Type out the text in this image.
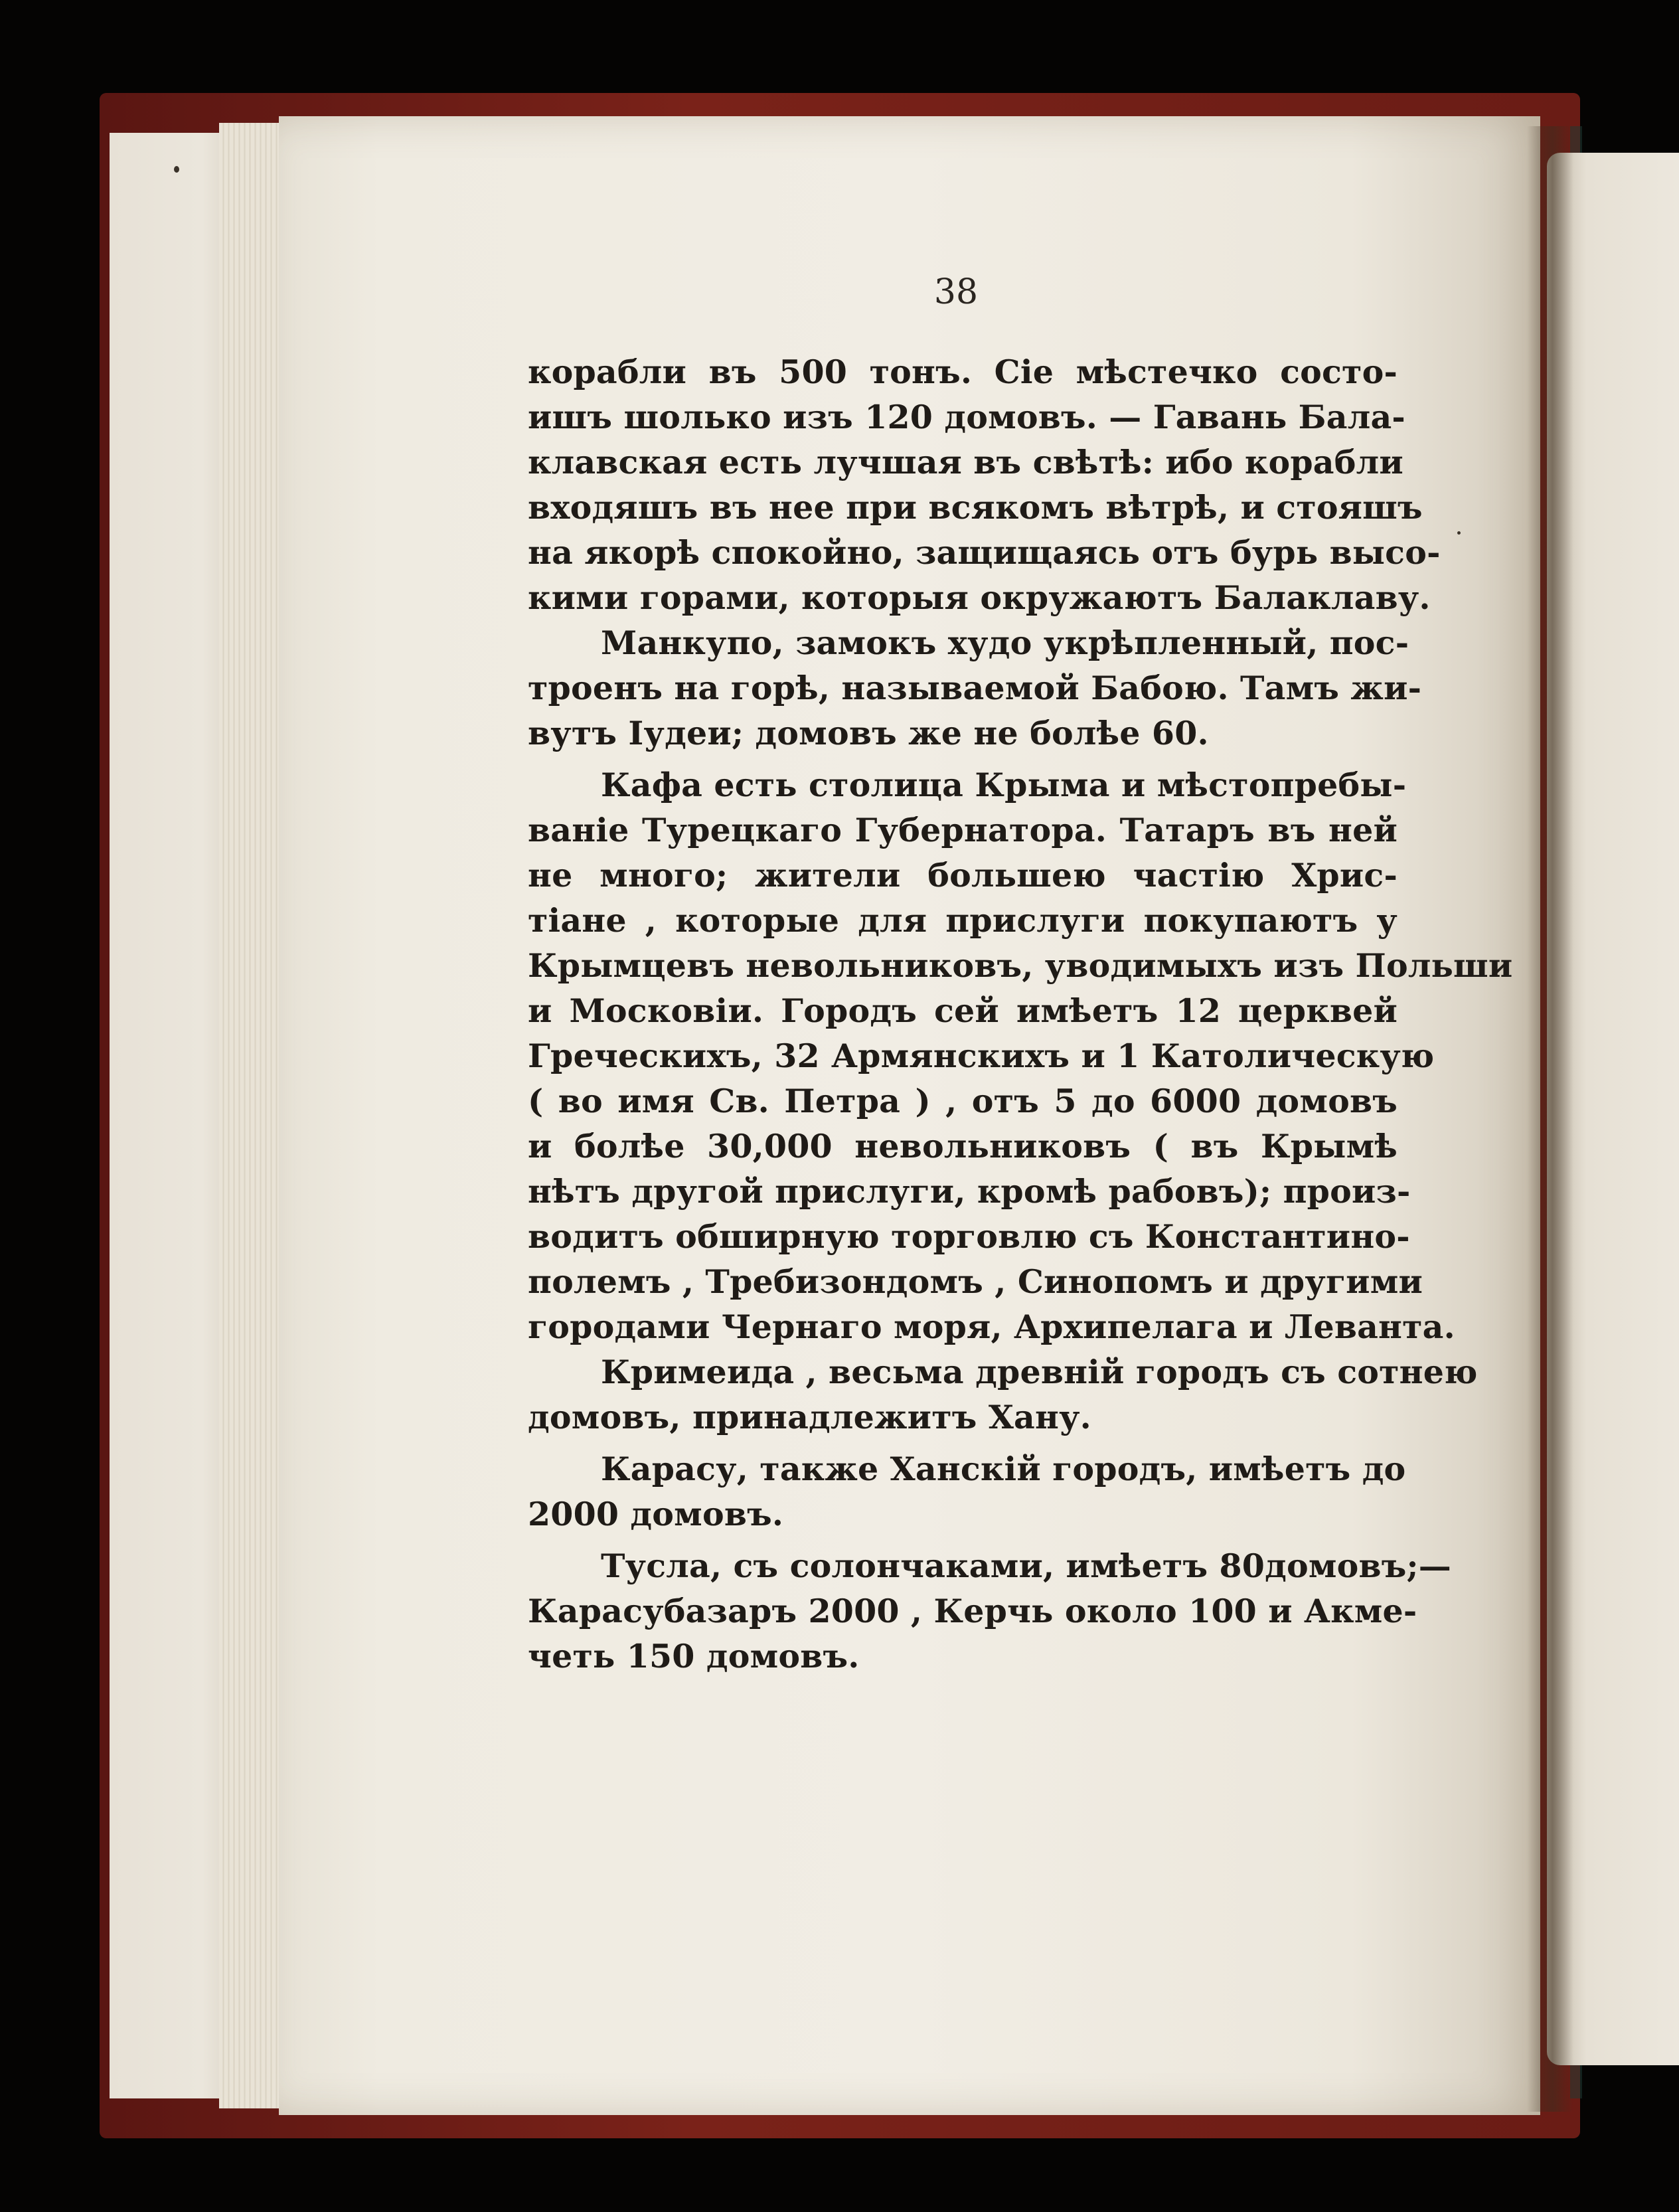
38
корабли въ 500 тонъ. Сіе мѣстечко состо-
ишъ шолько изъ 120 домовъ. — Гавань Бала-
клавская есть лучшая въ свѣтѣ: ибо корабли
входяшъ въ нее при всякомъ вѣтрѣ, и стояшъ
на якорѣ спокойно, защищаясь отъ бурь высо-
кими горами, которыя окружаютъ Балаклаву.
Манкупо, замокъ худо укрѣпленный, пос-
троенъ на горѣ, называемой Бабою. Тамъ жи-
вутъ Іудеи; домовъ же не болѣе 60.
Кафа есть столица Крыма и мѣстопребы-
ваніе Турецкаго Губернатора. Татаръ въ ней
не много; жители большею частію Хрис-
тіане , которые для прислуги покупаютъ у
Крымцевъ невольниковъ, уводимыхъ изъ Польши
и Московіи. Городъ сей имѣетъ 12 церквей
Греческихъ, 32 Армянскихъ и 1 Католическую
( во имя Св. Петра ) , отъ 5 до 6000 домовъ
и болѣе 30,000 невольниковъ ( въ Крымѣ
нѣтъ другой прислуги, кромѣ рабовъ); произ-
водитъ обширную торговлю съ Константино-
полемъ , Требизондомъ , Синопомъ и другими
городами Чернаго моря, Архипелага и Леванта.
Кримеида , весьма древній городъ съ сотнею
домовъ, принадлежитъ Хану.
Карасу, также Ханскій городъ, имѣетъ до
2000 домовъ.
Тусла, съ солончаками, имѣетъ 80домовъ;—
Карасубазаръ 2000 , Керчь около 100 и Акме-
четь 150 домовъ.
